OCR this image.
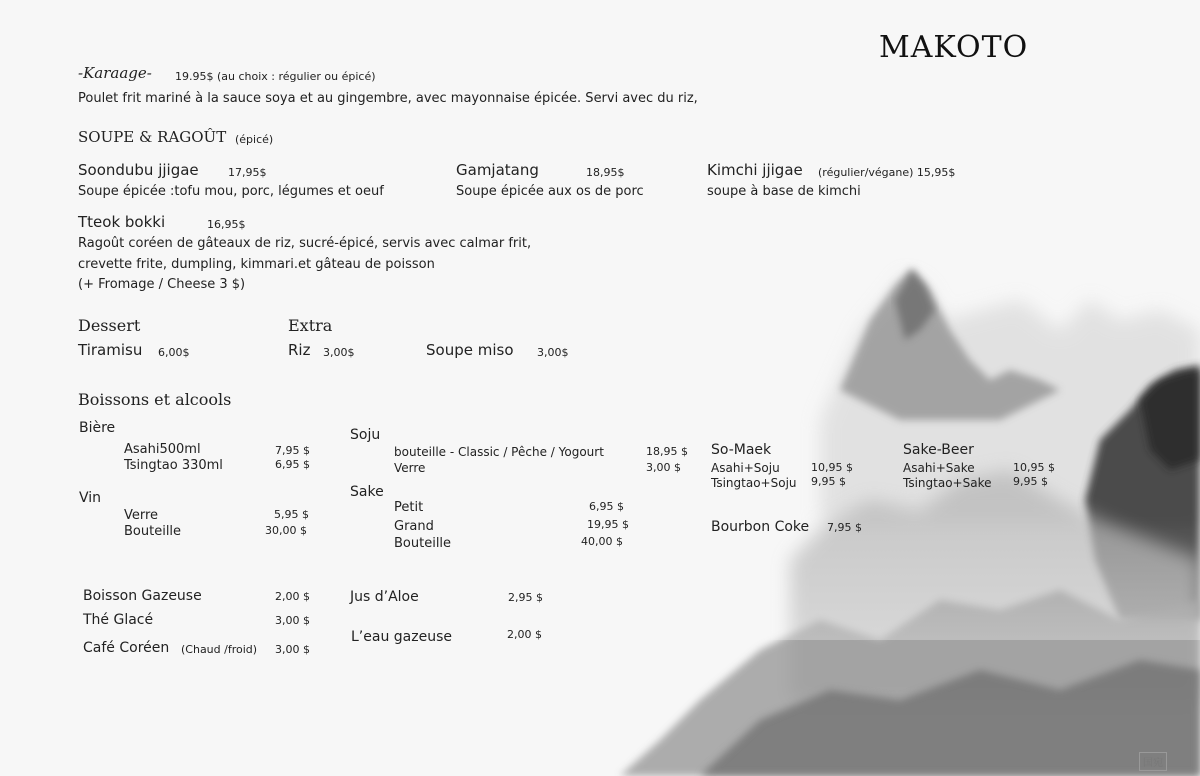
MAKOTO
-Karaage- 19.95$ (au choix : régulier ou épicé)
Poulet frit mariné à la sauce soya et au gingembre, avec mayonnaise épicée. Servi avec du riz,
SOUPE & RAGOÛT (épicé)
Soondubu jjigae	17,95$
Soupe épicée :tofu mou, porc, légumes et oeuf
Gamjatang	18,95$
Soupe épicée aux os de porc
Kimchi jjigae (régulier/végane) 15,95$
soupe à base de kimchi
Tteok bokki	16,95$
Ragoût coréen de gâteaux de riz, sucré-épicé, servis avec calmar frit,
crevette frite, dumpling, kimmari.et gâteau de poisson
(+ Fromage / Cheese 3 $)
Dessert
Tiramisu 6,00$
Extra
Riz 3,00$	Soupe miso 3,00$
Boissons et alcools
Bière
Asahi500ml	7,95 $
Tsingtao 330ml	6,95 $
Vin
Verre	5,95 $
Bouteille	30,00 $
Soju
bouteille - Classic / Pêche / Yogourt	18,95 $
Verre	3,00 $
Sake
Petit	6,95 $
Grand	19,95 $
Bouteille	40,00 $
So-Maek
Asahi+Soju	10,95 $
Tsingtao+Soju 9,95 $
Sake-Beer
Asahi+Sake	10,95 $
Tsingtao+Sake 9,95 $
Bourbon Coke 7,95 $
Boisson Gazeuse	2,00 $
Thé Glacé	3,00 $
Café Coréen (Chaud /froid) 3,00 $
Jus d’Aloe	2,95 $
L’eau gazeuse	2,00 $
国宛
